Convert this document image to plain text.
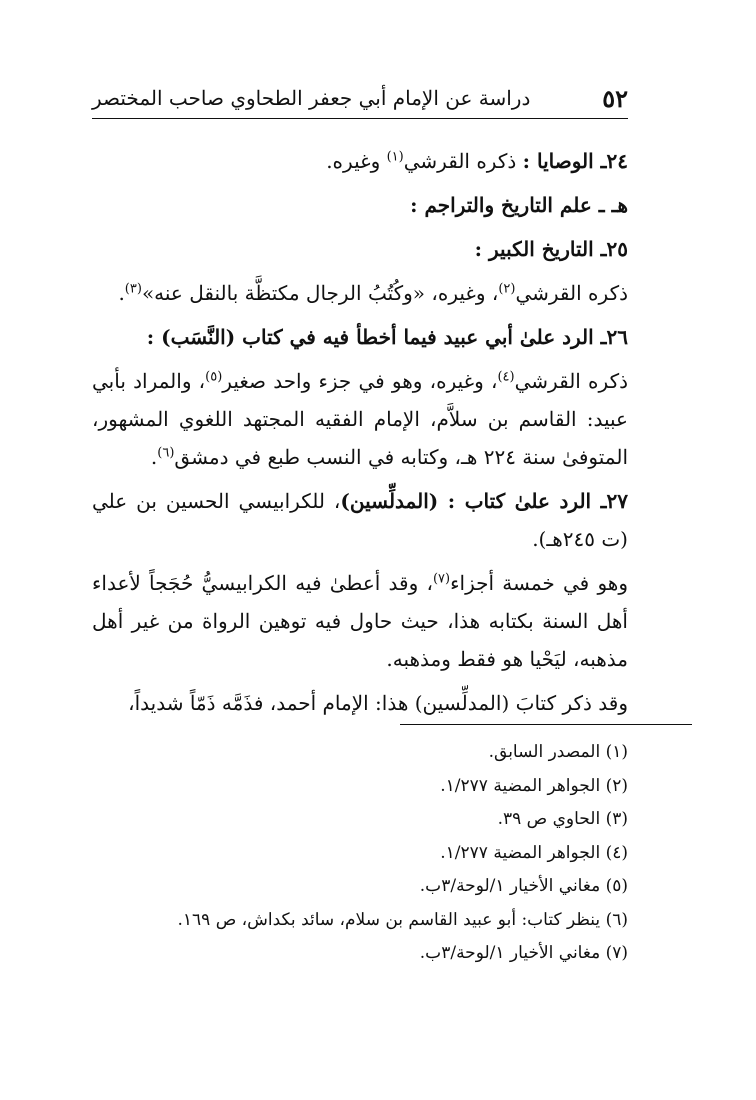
٥٢
دراسة عن الإمام أبي جعفر الطحاوي صاحب المختصر

٢٤ـ الوصايا : ذكره القرشي$^{(١)}$ وغيره.

هـ ـ علم التاريخ والتراجم :

٢٥ـ التاريخ الكبير :

ذكره القرشي$^{(٢)}$، وغيره، «وكُتُبُ الرجال مكتظَّة بالنقل عنه»$^{(٣)}$.

٢٦ـ الرد علىٰ أبي عبيد فيما أخطأ فيه في كتاب (النَّسَب) :

ذكره القرشي$^{(٤)}$، وغيره، وهو في جزء واحد صغير$^{(٥)}$، والمراد بأبي عبيد: القاسم بن سلاَّم، الإمام الفقيه المجتهد اللغوي المشهور، المتوفىٰ سنة ٢٢٤ هـ، وكتابه في النسب طبع في دمشق$^{(٦)}$.

٢٧ـ الرد علىٰ كتاب : (المدلِّسين)، للكرابيسي الحسين بن علي (ت ٢٤٥هـ).

وهو في خمسة أجزاء$^{(٧)}$، وقد أعطىٰ فيه الكرابيسيُّ حُجَجاً لأعداء أهل السنة بكتابه هذا، حيث حاول فيه توهين الرواة من غير أهل مذهبه، ليَحْيا هو فقط ومذهبه.

وقد ذكر كتابَ (المدلِّسين) هذا: الإمام أحمد، فذَمَّه ذَمّاً شديداً،

(١) المصدر السابق.

(٢) الجواهر المضية ١/٢٧٧.

(٣) الحاوي ص ٣٩.

(٤) الجواهر المضية ١/٢٧٧.

(٥) مغاني الأخيار ١/لوحة/٣ب.

(٦) ينظر كتاب: أبو عبيد القاسم بن سلام، سائد بكداش، ص ١٦٩.

(٧) مغاني الأخيار ١/لوحة/٣ب.
